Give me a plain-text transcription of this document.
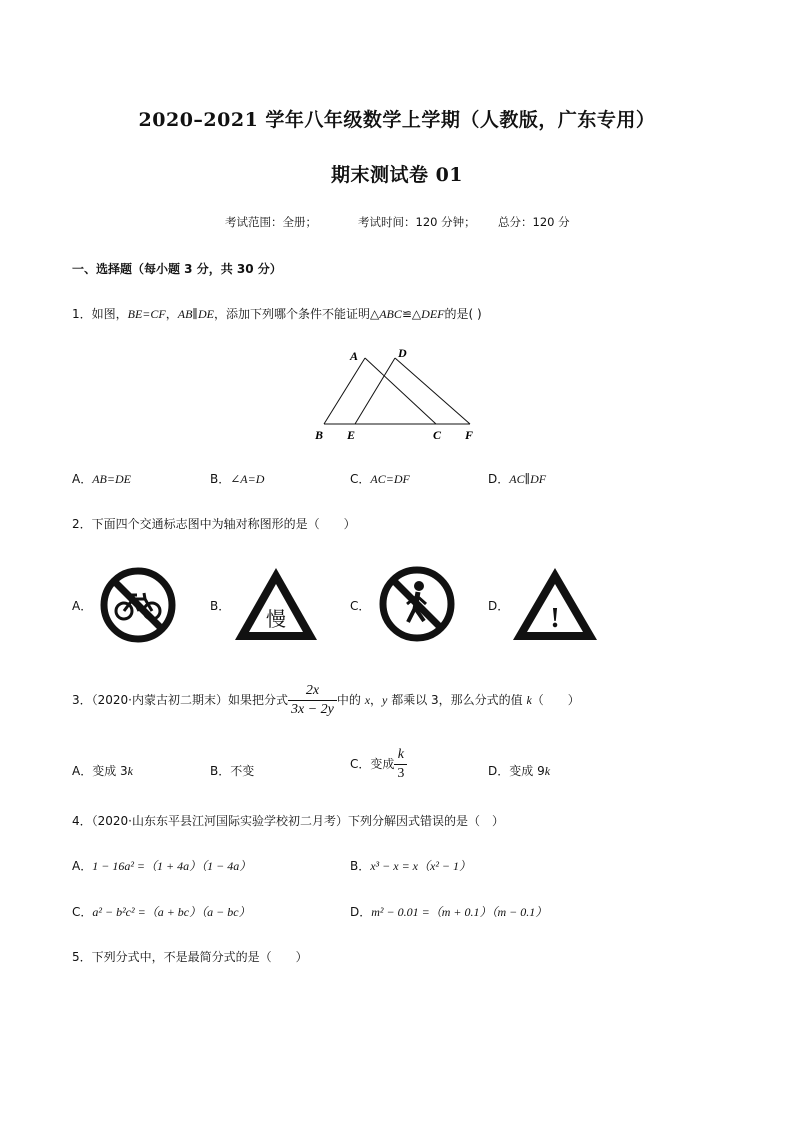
2020–2021 学年八年级数学上学期（人教版，广东专用）
期末测试卷 01
考试范围：全册；	考试时间：120 分钟； 总分：120 分
一、选择题（每小题 3 分，共 30 分）
1．如图，BE=CF，AB∥DE，添加下列哪个条件不能证明△ABC≌△DEF的是( )
A	D
B E	C F
A．AB=DE	B．∠A=D	C．AC=DF	D．AC∥DF
2．下面四个交通标志图中为轴对称图形的是（　　）
A．	B．
慢
C．	D． !
3．（2020·内蒙古初二期末）如果把分式 $\frac{2x}{3x - 2y}$ 中的 x，y 都乘以 3，那么分式的值 k（　　）
A．变成 3k	B．不变	C．变成 $\frac{k}{3}$	D．变成 9k
4．（2020·山东东平县江河国际实验学校初二月考）下列分解因式错误的是（　）
A．1 − 16a² =（1 + 4a）（1 − 4a）	B．x³ − x = x（x² − 1）
C．a² − b²c² =（a + bc）（a − bc）	D．m² − 0.01 =（m + 0.1）（m − 0.1）
5．下列分式中，不是最简分式的是（　　）
